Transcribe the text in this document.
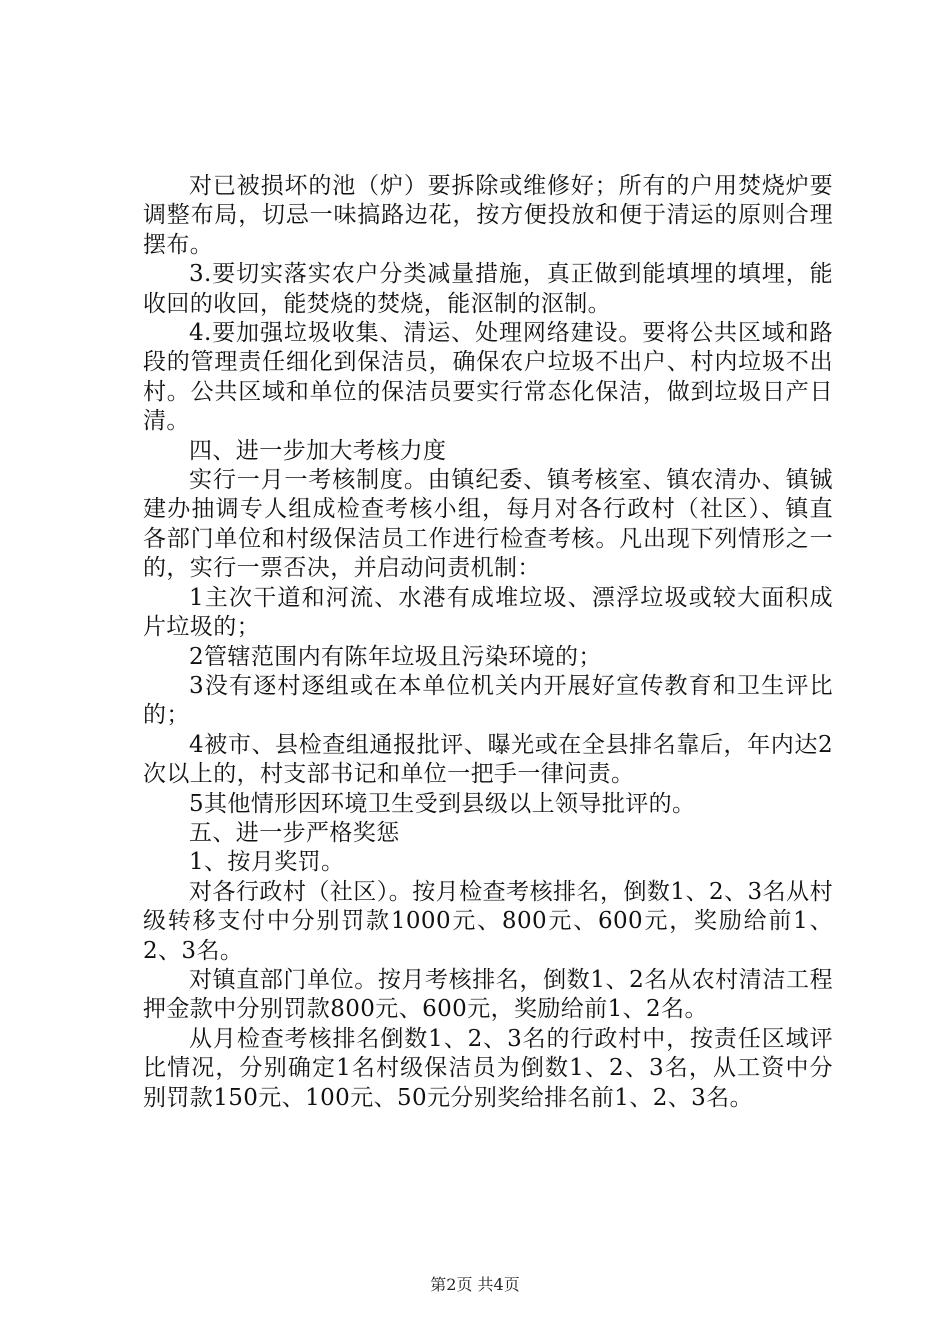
对已被损坏的池（炉）要拆除或维修好；所有的户用焚烧炉要调整布局，切忌一味搞路边花，按方便投放和便于清运的原则合理摆布。

3.要切实落实农户分类减量措施，真正做到能填埋的填埋，能收回的收回，能焚烧的焚烧，能沤制的沤制。

4.要加强垃圾收集、清运、处理网络建设。要将公共区域和路段的管理责任细化到保洁员，确保农户垃圾不出户、村内垃圾不出村。公共区域和单位的保洁员要实行常态化保洁，做到垃圾日产日清。

四、进一步加大考核力度

实行一月一考核制度。由镇纪委、镇考核室、镇农清办、镇铖建办抽调专人组成检查考核小组，每月对各行政村（社区）、镇直各部门单位和村级保洁员工作进行检查考核。凡出现下列情形之一的，实行一票否决，并启动问责机制：

1主次干道和河流、水港有成堆垃圾、漂浮垃圾或较大面积成片垃圾的；

2管辖范围内有陈年垃圾且污染环境的；

3没有逐村逐组或在本单位机关内开展好宣传教育和卫生评比的；

4被市、县检查组通报批评、曝光或在全县排名靠后，年内达2次以上的，村支部书记和单位一把手一律问责。

5其他情形因环境卫生受到县级以上领导批评的。

五、进一步严格奖惩

1、按月奖罚。

对各行政村（社区）。按月检查考核排名，倒数1、2、3名从村级转移支付中分别罚款1000元、800元、600元，奖励给前1、2、3名。

对镇直部门单位。按月考核排名，倒数1、2名从农村清洁工程押金款中分别罚款800元、600元，奖励给前1、2名。

从月检查考核排名倒数1、2、3名的行政村中，按责任区域评比情况，分别确定1名村级保洁员为倒数1、2、3名，从工资中分别罚款150元、100元、50元分别奖给排名前1、2、3名。

第2页 共4页
